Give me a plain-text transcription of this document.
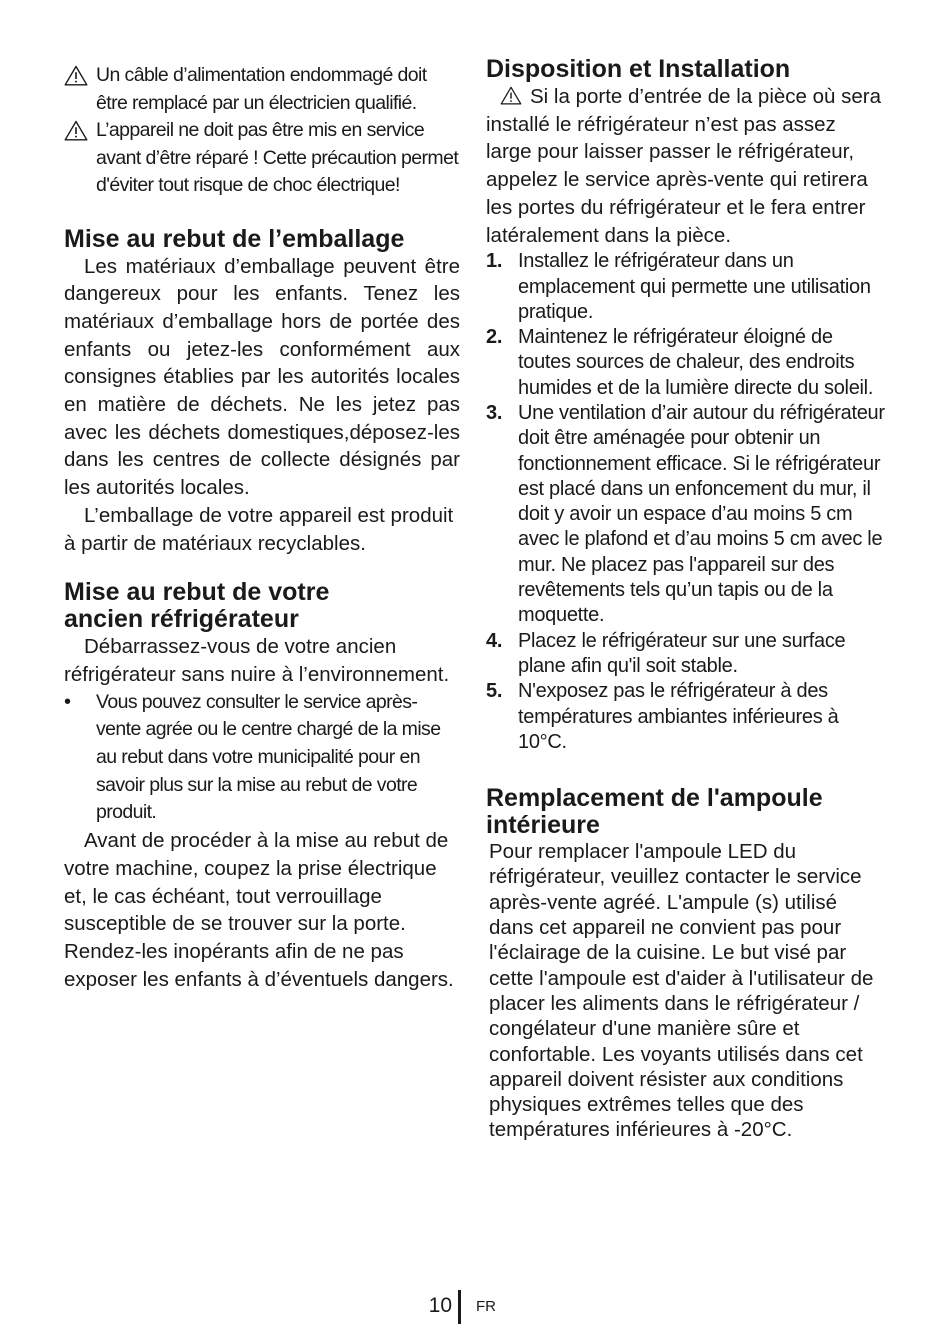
Un câble d’alimentation endommagé doit être remplacé par un électricien qualifié.
L’appareil ne doit pas être mis en service avant d’être réparé ! Cette précaution permet d'éviter tout risque de choc électrique!
Mise au rebut de l’emballage

Les matériaux d’emballage peuvent être dangereux pour les enfants. Tenez les matériaux d’emballage hors de portée des enfants ou jetez-les conformément aux consignes établies par les autorités locales en matière de déchets. Ne les jetez pas avec les déchets domestiques,déposez-les dans les centres de collecte désignés par les autorités locales.

L’emballage de votre appareil est produit à partir de matériaux recyclables.

Mise au rebut de votre
ancien réfrigérateur

Débarrassez-vous de votre ancien réfrigérateur sans nuire à l’environnement.

•	Vous pouvez consulter le service après-vente agrée ou le centre chargé de la mise au rebut dans votre municipalité pour en savoir plus sur la mise au rebut de votre produit.

Avant de procéder à la mise au rebut de votre machine, coupez la prise électrique et, le cas échéant, tout verrouillage susceptible de se trouver sur la porte. Rendez-les inopérants afin de ne pas exposer les enfants à d’éventuels dangers.

Disposition et Installation

Si la porte d’entrée de la pièce où sera installé le réfrigérateur n’est pas assez large pour laisser passer le réfrigérateur, appelez le service après-vente qui retirera les portes du réfrigérateur et le fera entrer latéralement dans la pièce.

1. Installez le réfrigérateur dans un emplacement qui permette une utilisation pratique.
2. Maintenez le réfrigérateur éloigné de toutes sources de chaleur, des endroits humides et de la lumière directe du soleil.
3. Une ventilation d’air autour du réfrigérateur doit être aménagée pour obtenir un fonctionnement efficace. Si le réfrigérateur est placé dans un enfoncement du mur, il doit y avoir un espace d’au moins 5 cm avec le plafond et d’au moins 5 cm avec le mur. Ne placez pas l'appareil sur des revêtements tels qu’un tapis ou de la moquette.
4. Placez le réfrigérateur sur une surface plane afin qu'il soit stable.
5. N'exposez pas le réfrigérateur à des températures ambiantes inférieures à 10°C.
Remplacement de l'ampoule
intérieure

Pour remplacer l'ampoule LED du réfrigérateur, veuillez contacter le service après-vente agréé. L'ampule (s) utilisé dans cet appareil ne convient pas pour l'éclairage de la cuisine. Le but visé par cette l'ampoule est d'aider à l'utilisateur de placer les aliments dans le réfrigérateur / congélateur d'une manière sûre et confortable. Les voyants utilisés dans cet appareil doivent résister aux conditions physiques extrêmes telles que des températures inférieures à -20°C.

10 FR
